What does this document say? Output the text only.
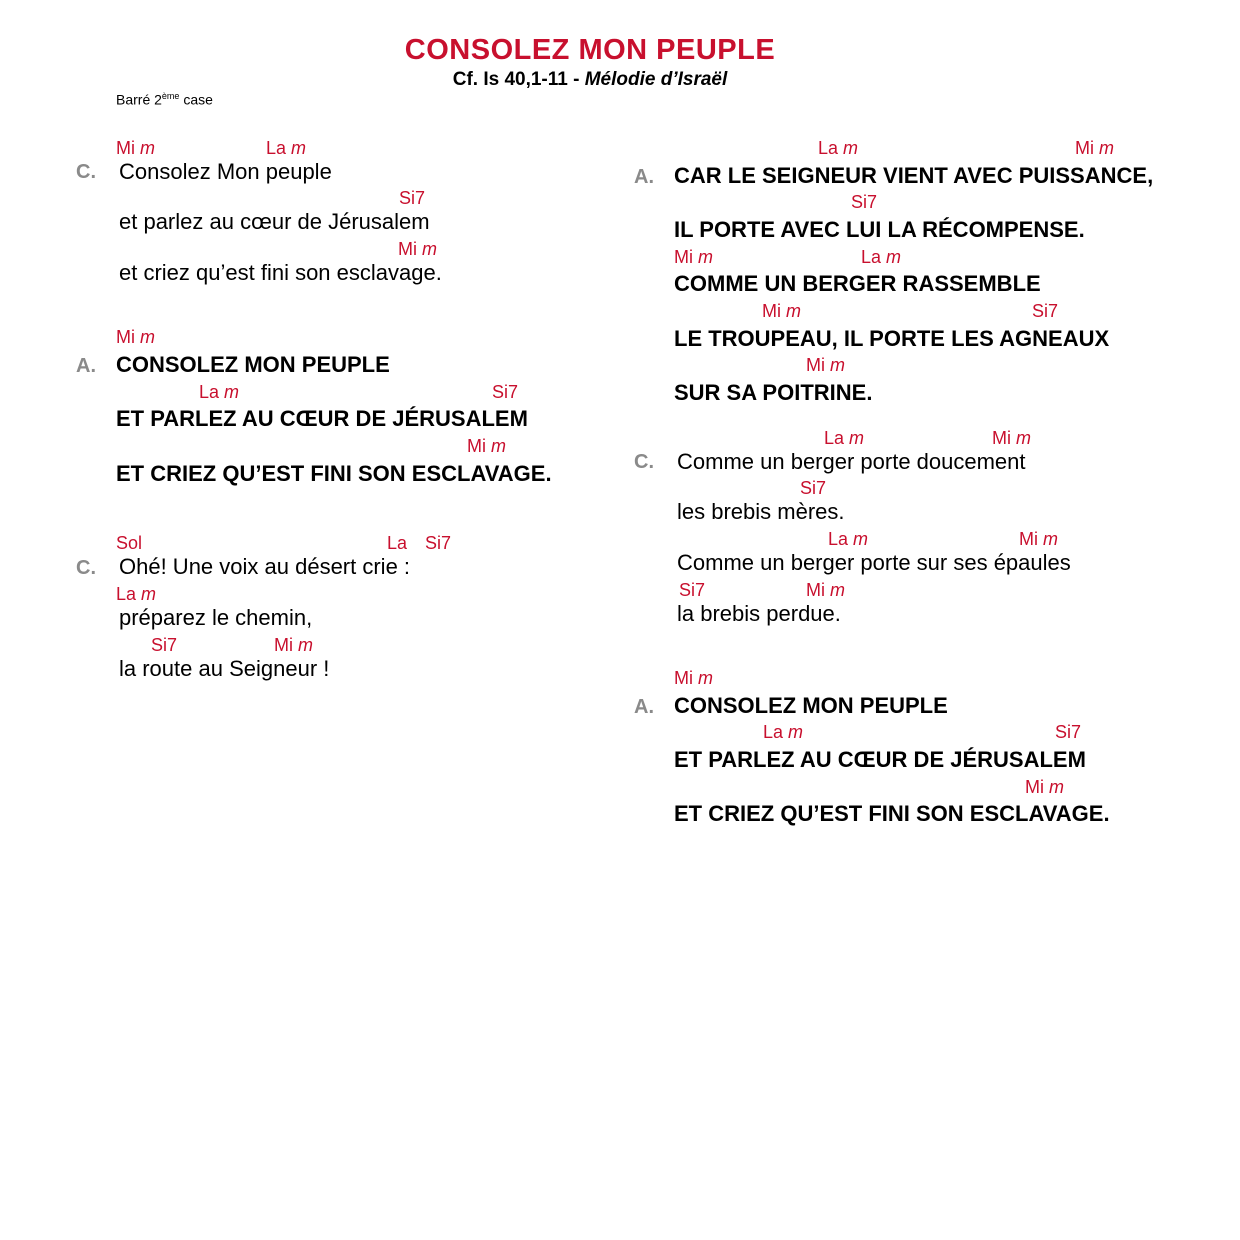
CONSOLEZ MON PEUPLE
Cf. Is 40,1-11 - Mélodie d’Israël
Barré 2ème case
Mi m	La m
C. Consolez Mon peuple
Si7
et parlez au cœur de Jérusalem
Mi m
et criez qu’est fini son esclavage.
Mi m
A. CONSOLEZ MON PEUPLE
La m	Si7
ET PARLEZ AU CŒUR DE JÉRUSALEM
Mi m
ET CRIEZ QU’EST FINI SON ESCLAVAGE.
Sol	La Si7
C. Ohé! Une voix au désert crie :
La m
préparez le chemin,
Si7	Mi m
la route au Seigneur !
La m	Mi m
A. CAR LE SEIGNEUR VIENT AVEC PUISSANCE,
Si7
IL PORTE AVEC LUI LA RÉCOMPENSE.
Mi m	La m
COMME UN BERGER RASSEMBLE
Mi m	Si7
LE TROUPEAU, IL PORTE LES AGNEAUX
Mi m
SUR SA POITRINE.
La m	Mi m
C. Comme un berger porte doucement
Si7
les brebis mères.
La m	Mi m
Comme un berger porte sur ses épaules
Si7	Mi m
la brebis perdue.
Mi m
A. CONSOLEZ MON PEUPLE
La m	Si7
ET PARLEZ AU CŒUR DE JÉRUSALEM
Mi m
ET CRIEZ QU’EST FINI SON ESCLAVAGE.
